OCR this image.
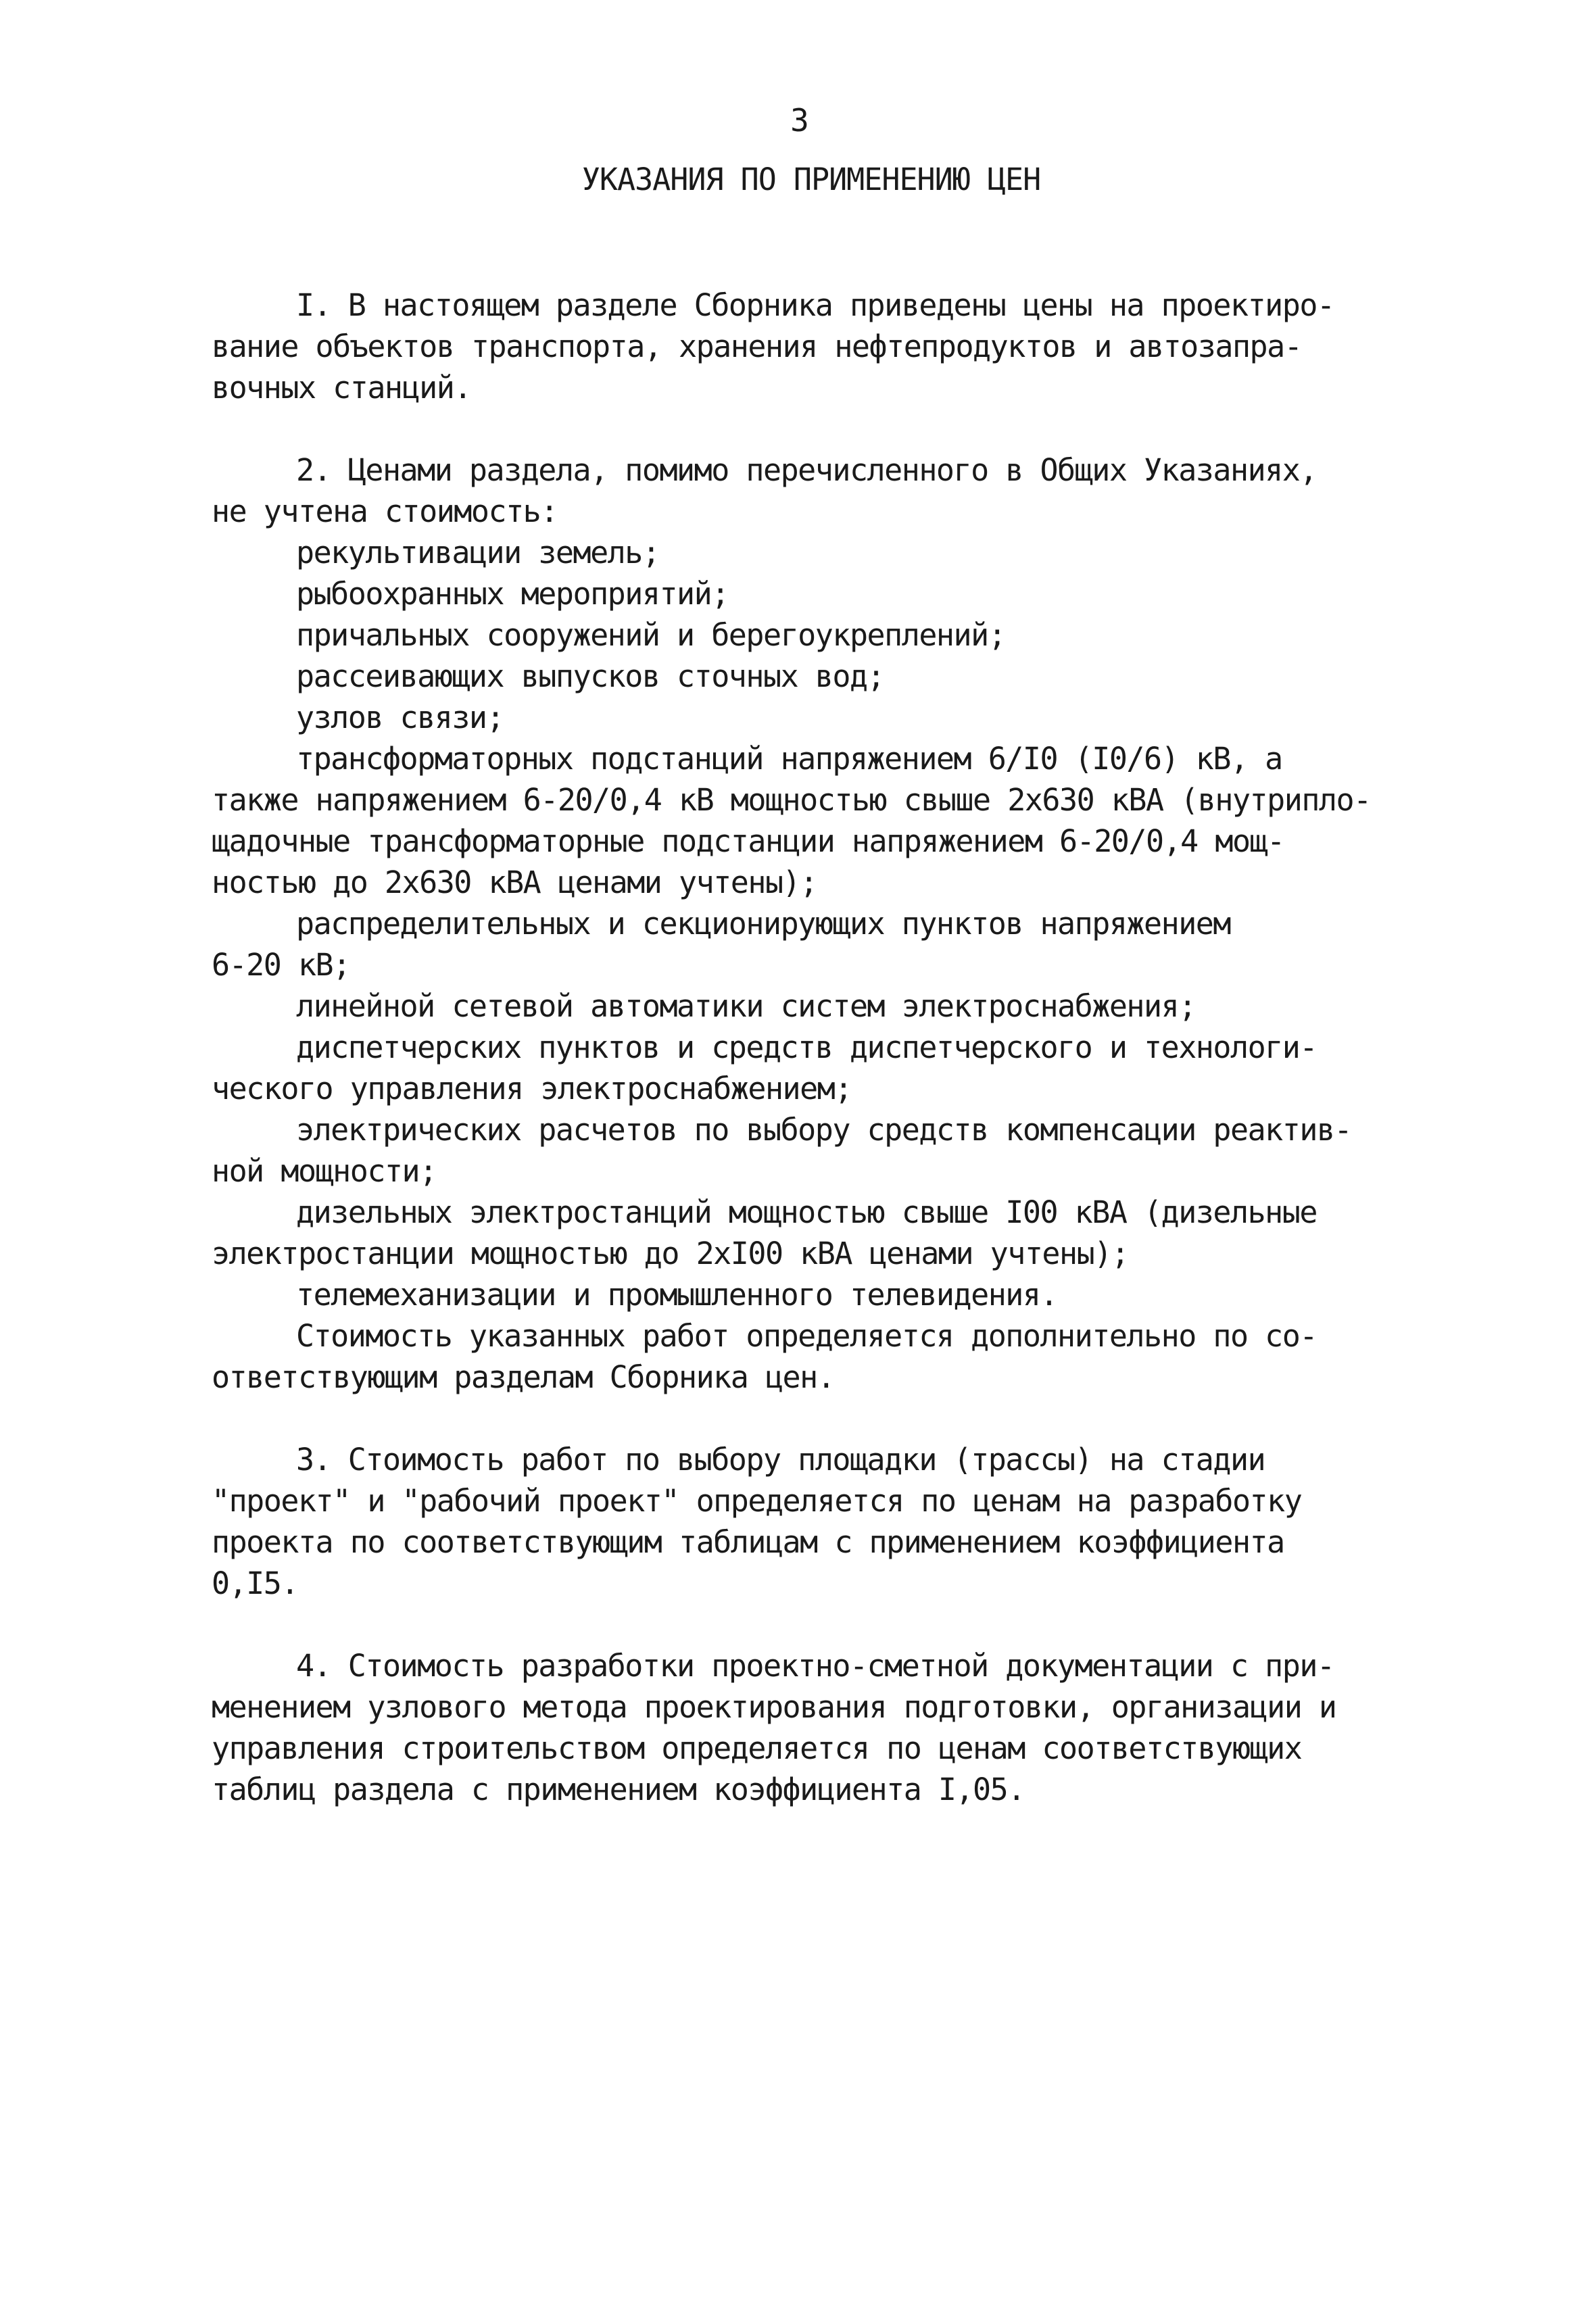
3
УКАЗАНИЯ ПО ПРИМЕНЕНИЮ ЦЕН
I. В настоящем разделе Сборника приведены цены на проектиро-
вание объектов транспорта, хранения нефтепродуктов и автозапра-
вочных станций.
2. Ценами раздела, помимо перечисленного в Общих Указаниях,
не учтена стоимость:
рекультивации земель;
рыбоохранных мероприятий;
причальных сооружений и берегоукреплений;
рассеивающих выпусков сточных вод;
узлов связи;
трансформаторных подстанций напряжением 6/I0 (I0/6) кВ, а
также напряжением 6-20/0,4 кВ мощностью свыше 2х630 кВА (внутрипло-
щадочные трансформаторные подстанции напряжением 6-20/0,4 мощ-
ностью до 2х630 кВА ценами учтены);
распределительных и секционирующих пунктов напряжением
6-20 кВ;
линейной сетевой автоматики систем электроснабжения;
диспетчерских пунктов и средств диспетчерского и технологи-
ческого управления электроснабжением;
электрических расчетов по выбору средств компенсации реактив-
ной мощности;
дизельных электростанций мощностью свыше I00 кВА (дизельные
электростанции мощностью до 2хI00 кВА ценами учтены);
телемеханизации и промышленного телевидения.
Стоимость указанных работ определяется дополнительно по со-
ответствующим разделам Сборника цен.
3. Стоимость работ по выбору площадки (трассы) на стадии
"проект" и "рабочий проект" определяется по ценам на разработку
проекта по соответствующим таблицам с применением коэффициента
0,I5.
4. Стоимость разработки проектно-сметной документации с при-
менением узлового метода проектирования подготовки, организации и
управления строительством определяется по ценам соответствующих
таблиц раздела с применением коэффициента I,05.
